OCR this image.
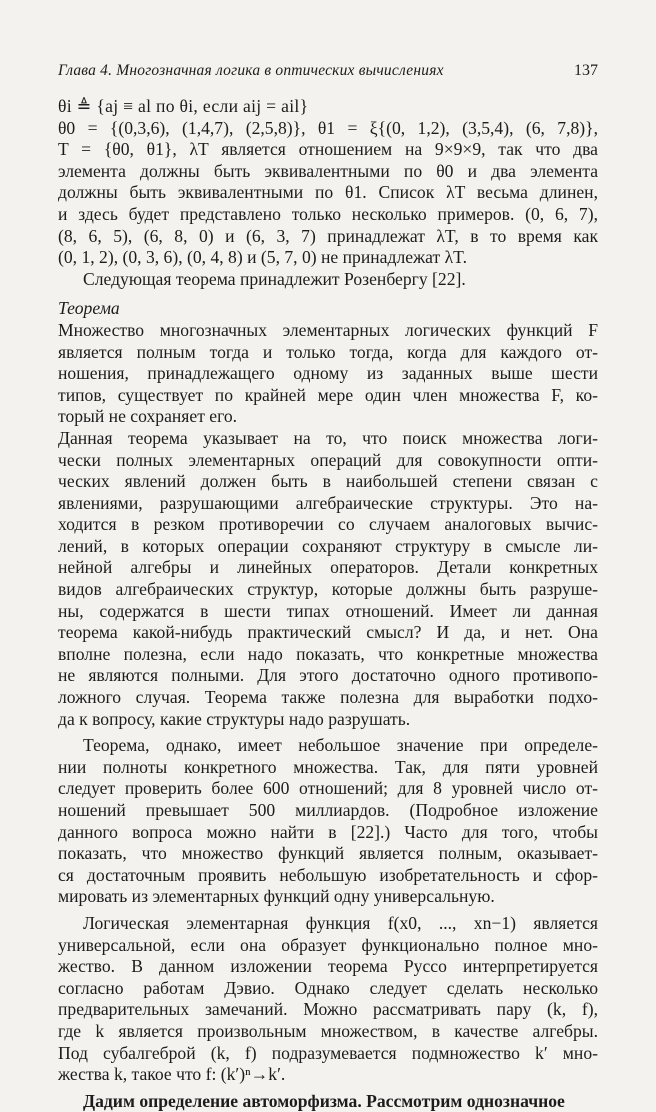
Глава 4. Многозначная логика в оптических вычислениях	137
θi ≜ {aj ≡ al по θi, если aij = ail}
θ0 = {(0,3,6), (1,4,7), (2,5,8)}, θ1 = ξ{(0, 1,2), (3,5,4), (6, 7,8)},
T = {θ0, θ1}, λT является отношением на 9×9×9, так что два
элемента должны быть эквивалентными по θ0 и два элемента
должны быть эквивалентными по θ1. Список λT весьма длинен,
и здесь будет представлено только несколько примеров. (0, 6, 7),
(8, 6, 5), (6, 8, 0) и (6, 3, 7) принадлежат λT, в то время как
(0, 1, 2), (0, 3, 6), (0, 4, 8) и (5, 7, 0) не принадлежат λT.
Следующая теорема принадлежит Розенбергу [22].
Теорема
Множество многозначных элементарных логических функций F
является полным тогда и только тогда, когда для каждого от-
ношения, принадлежащего одному из заданных выше шести
типов, существует по крайней мере один член множества F, ко-
торый не сохраняет его.
Данная теорема указывает на то, что поиск множества логи-
чески полных элементарных операций для совокупности опти-
ческих явлений должен быть в наибольшей степени связан с
явлениями, разрушающими алгебраические структуры. Это на-
ходится в резком противоречии со случаем аналоговых вычис-
лений, в которых операции сохраняют структуру в смысле ли-
нейной алгебры и линейных операторов. Детали конкретных
видов алгебраических структур, которые должны быть разруше-
ны, содержатся в шести типах отношений. Имеет ли данная
теорема какой-нибудь практический смысл? И да, и нет. Она
вполне полезна, если надо показать, что конкретные множества
не являются полными. Для этого достаточно одного противопо-
ложного случая. Теорема также полезна для выработки подхо-
да к вопросу, какие структуры надо разрушать.
Теорема, однако, имеет небольшое значение при определе-
нии полноты конкретного множества. Так, для пяти уровней
следует проверить более 600 отношений; для 8 уровней число от-
ношений превышает 500 миллиардов. (Подробное изложение
данного вопроса можно найти в [22].) Часто для того, чтобы
показать, что множество функций является полным, оказывает-
ся достаточным проявить небольшую изобретательность и сфор-
мировать из элементарных функций одну универсальную.
Логическая элементарная функция f(x0, ..., xn−1) является
универсальной, если она образует функционально полное мно-
жество. В данном изложении теорема Руссо интерпретируется
согласно работам Дэвио. Однако следует сделать несколько
предварительных замечаний. Можно рассматривать пару (k, f),
где k является произвольным множеством, в качестве алгебры.
Под субалгеброй (k, f) подразумевается подмножество k′ мно-
жества k, такое что f: (k′)ⁿ→k′.
Дадим определение автоморфизма. Рассмотрим однозначное
